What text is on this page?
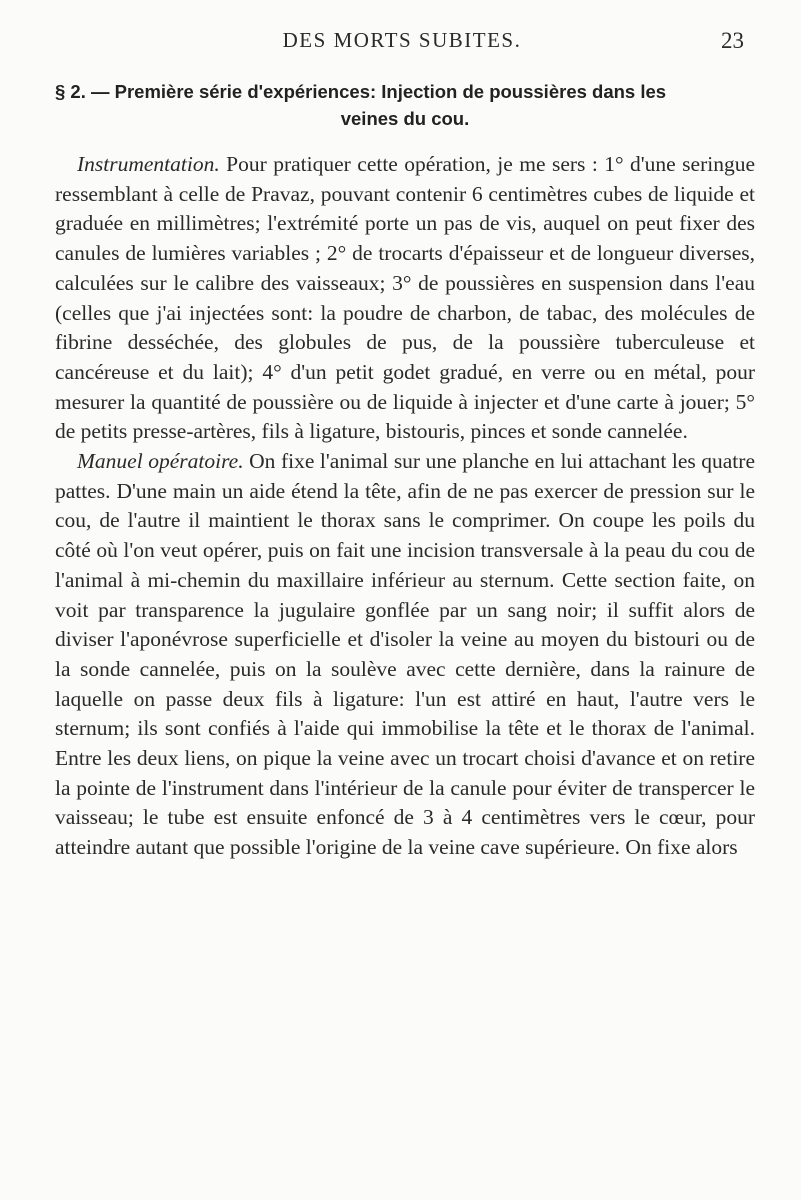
DES MORTS SUBITES.	23
§ 2. — Première série d'expériences: Injection de poussières dans les
veines du cou.

Instrumentation. Pour pratiquer cette opération, je me sers : 1° d'une seringue ressemblant à celle de Pravaz, pouvant contenir 6 centimètres cubes de liquide et graduée en millimètres; l'extrémité porte un pas de vis, auquel on peut fixer des canules de lumières variables ; 2° de trocarts d'épaisseur et de longueur diverses, calculées sur le calibre des vaisseaux; 3° de poussières en suspension dans l'eau (celles que j'ai injectées sont: la poudre de charbon, de tabac, des molécules de fibrine desséchée, des globules de pus, de la poussière tuberculeuse et cancéreuse et du lait); 4° d'un petit godet gradué, en verre ou en métal, pour mesurer la quantité de poussière ou de liquide à injecter et d'une carte à jouer; 5° de petits presse-artères, fils à ligature, bistouris, pinces et sonde cannelée.

Manuel opératoire. On fixe l'animal sur une planche en lui attachant les quatre pattes. D'une main un aide étend la tête, afin de ne pas exercer de pression sur le cou, de l'autre il maintient le thorax sans le comprimer. On coupe les poils du côté où l'on veut opérer, puis on fait une incision transversale à la peau du cou de l'animal à mi-chemin du maxillaire inférieur au sternum. Cette section faite, on voit par transparence la jugulaire gonflée par un sang noir; il suffit alors de diviser l'aponévrose superficielle et d'isoler la veine au moyen du bistouri ou de la sonde cannelée, puis on la soulève avec cette dernière, dans la rainure de laquelle on passe deux fils à ligature: l'un est attiré en haut, l'autre vers le sternum; ils sont confiés à l'aide qui immobilise la tête et le thorax de l'animal. Entre les deux liens, on pique la veine avec un trocart choisi d'avance et on retire la pointe de l'instrument dans l'intérieur de la canule pour éviter de transpercer le vaisseau; le tube est ensuite enfoncé de 3 à 4 centimètres vers le cœur, pour atteindre autant que possible l'origine de la veine cave supérieure. On fixe alors
